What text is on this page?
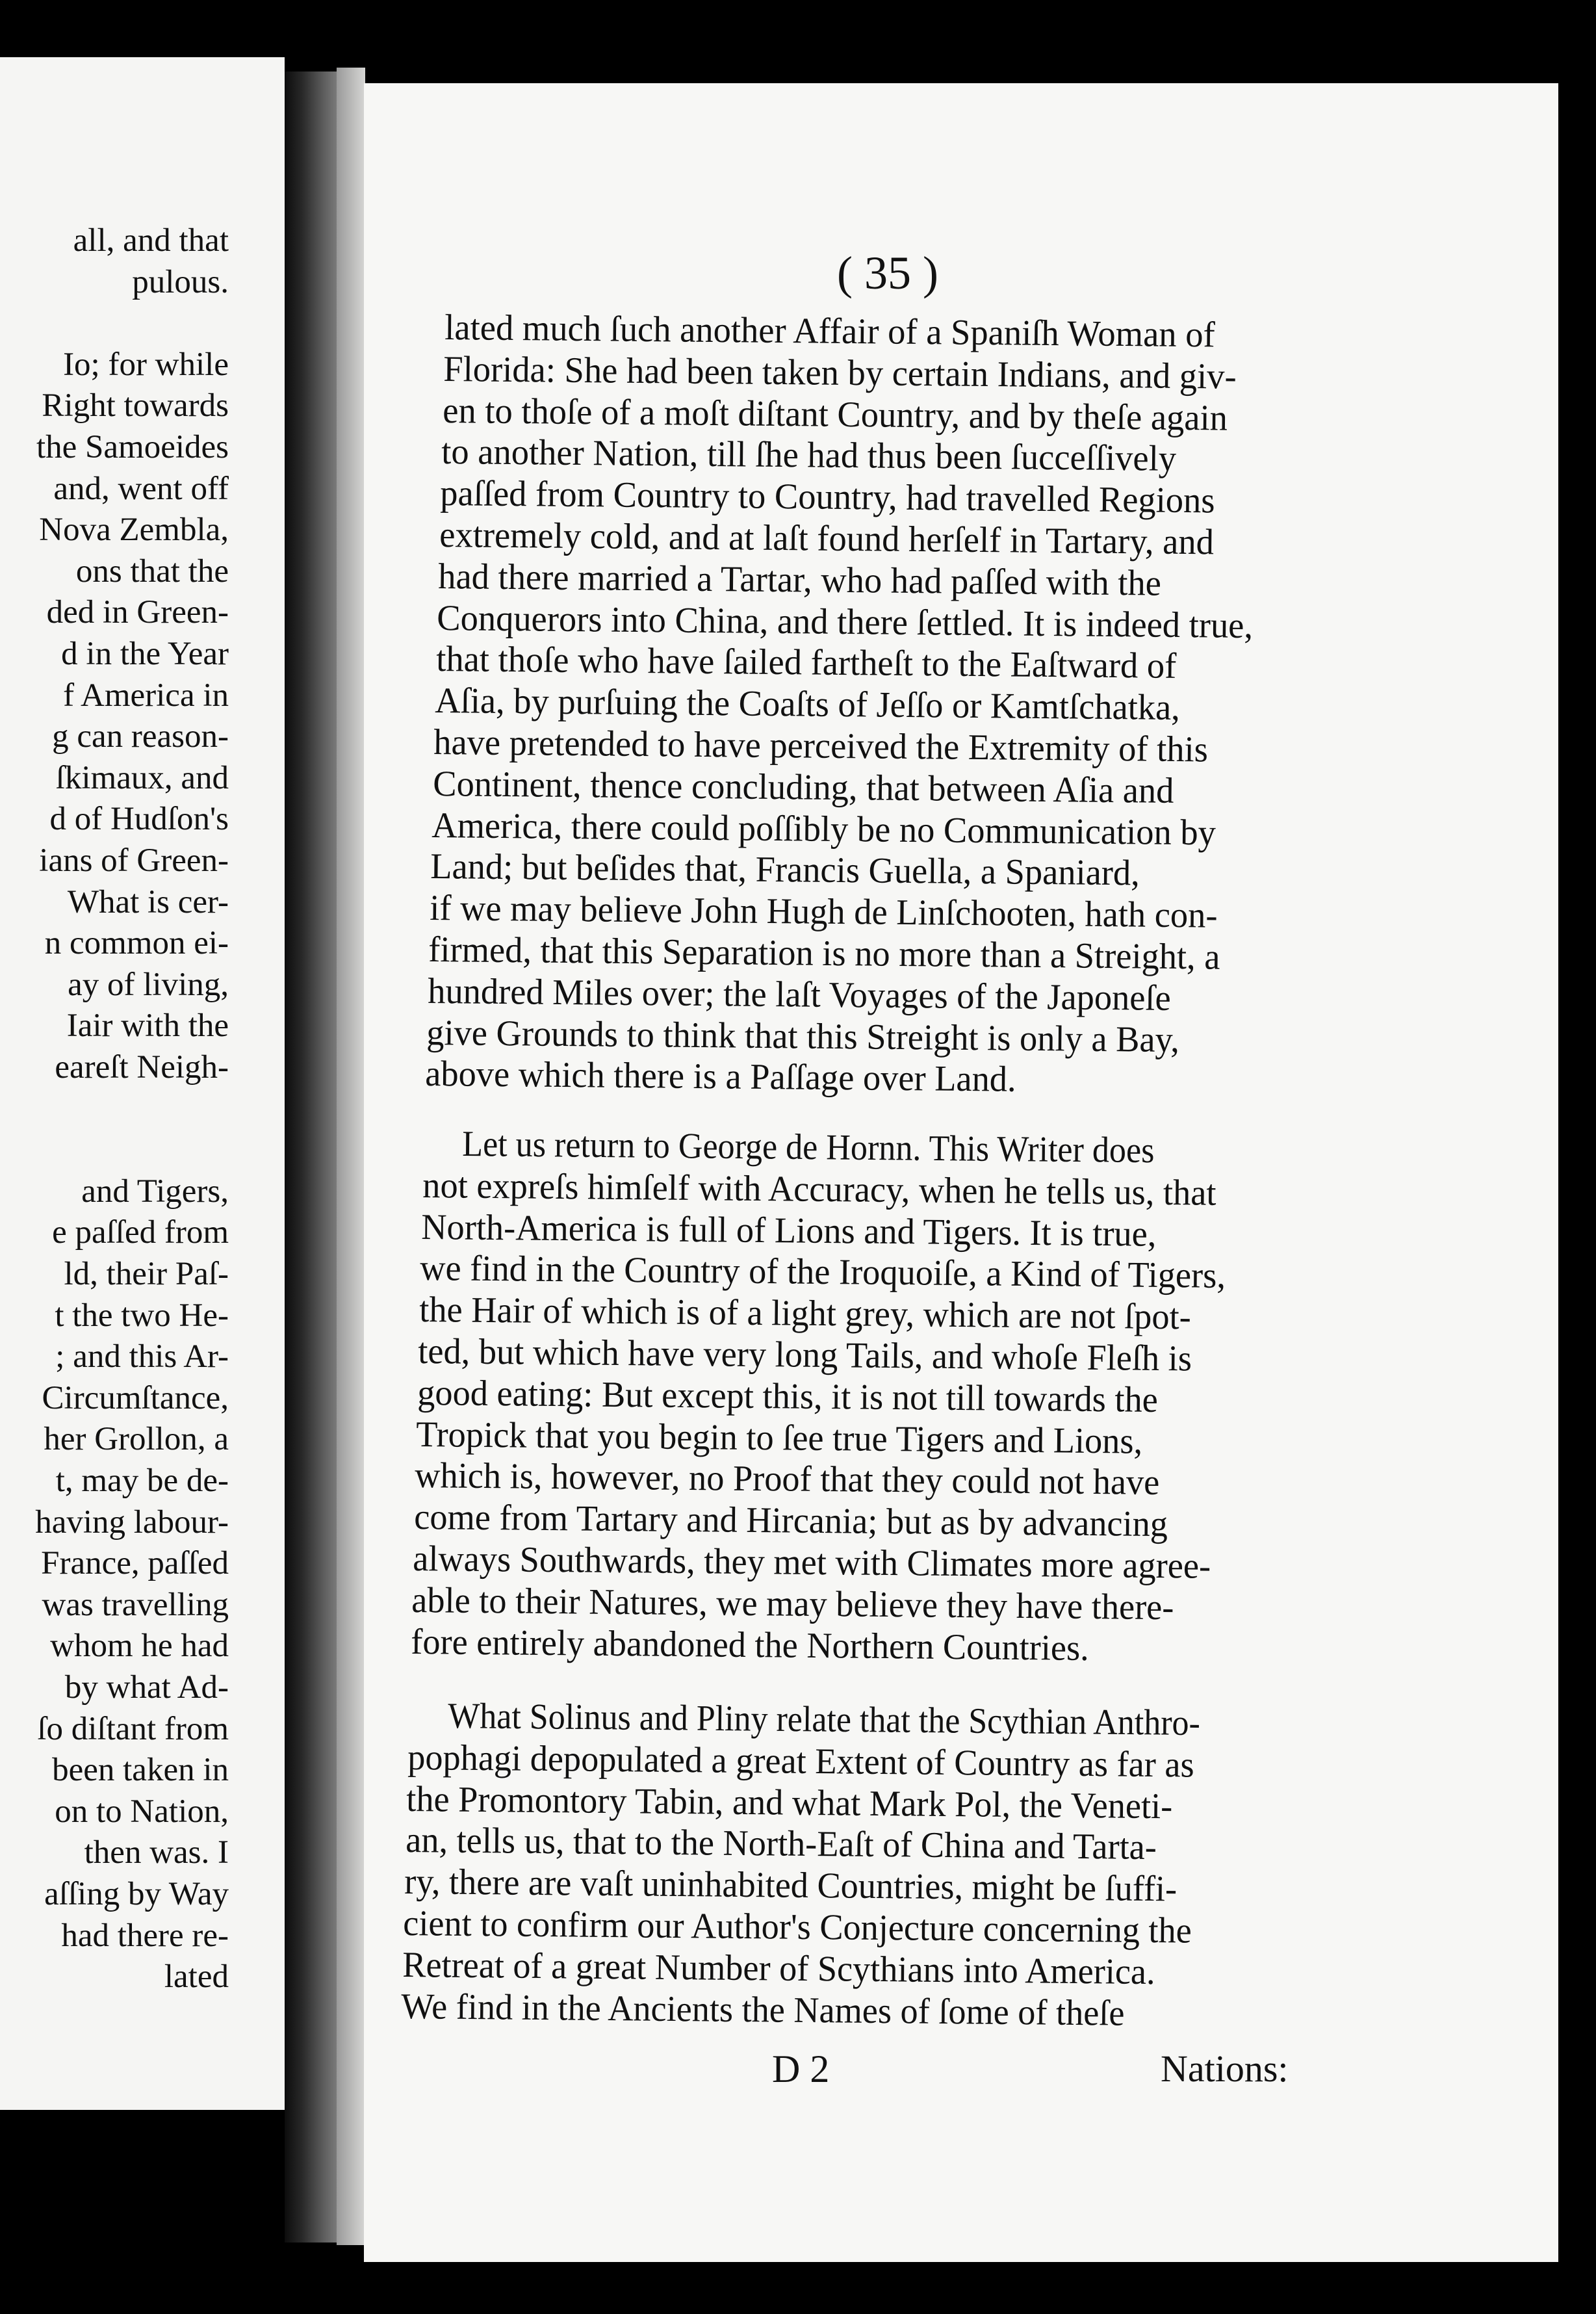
all, and that
pulous.
Io; for while
Right towards
the Samoeides
and, went off
Nova Zembla,
ons that the
ded in Green-
d in the Year
f America in
g can reason-
ſkimaux, and
d of Hudſon's
ians of Green-
What is cer-
n common ei-
ay of living,
Iair with the
eareſt Neigh-
and Tigers,
e paſſed from
ld, their Paſ-
t the two He-
; and this Ar-
Circumſtance,
her Grollon, a
t, may be de-
having labour-
France, paſſed
was travelling
whom he had
by what Ad-
ſo diſtant from
been taken in
on to Nation,
then was. I
aſſing by Way
had there re-
lated
( 35 )
lated much ſuch another Affair of a Spaniſh Woman of
Florida: She had been taken by certain Indians, and giv-
en to thoſe of a moſt diſtant Country, and by theſe again
to another Nation, till ſhe had thus been ſucceſſively
paſſed from Country to Country, had travelled Regions
extremely cold, and at laſt found herſelf in Tartary, and
had there married a Tartar, who had paſſed with the
Conquerors into China, and there ſettled. It is indeed true,
that thoſe who have ſailed fartheſt to the Eaſtward of
Aſia, by purſuing the Coaſts of Jeſſo or Kamtſchatka,
have pretended to have perceived the Extremity of this
Continent, thence concluding, that between Aſia and
America, there could poſſibly be no Communication by
Land; but beſides that, Francis Guella, a Spaniard,
if we may believe John Hugh de Linſchooten, hath con-
firmed, that this Separation is no more than a Streight, a
hundred Miles over; the laſt Voyages of the Japoneſe
give Grounds to think that this Streight is only a Bay,
above which there is a Paſſage over Land.
Let us return to George de Hornn. This Writer does
not expreſs himſelf with Accuracy, when he tells us, that
North-America is full of Lions and Tigers. It is true,
we find in the Country of the Iroquoiſe, a Kind of Tigers,
the Hair of which is of a light grey, which are not ſpot-
ted, but which have very long Tails, and whoſe Fleſh is
good eating: But except this, it is not till towards the
Tropick that you begin to ſee true Tigers and Lions,
which is, however, no Proof that they could not have
come from Tartary and Hircania; but as by advancing
always Southwards, they met with Climates more agree-
able to their Natures, we may believe they have there-
fore entirely abandoned the Northern Countries.
What Solinus and Pliny relate that the Scythian Anthro-
pophagi depopulated a great Extent of Country as far as
the Promontory Tabin, and what Mark Pol, the Veneti-
an, tells us, that to the North-Eaſt of China and Tarta-
ry, there are vaſt uninhabited Countries, might be ſuffi-
cient to confirm our Author's Conjecture concerning the
Retreat of a great Number of Scythians into America.
We find in the Ancients the Names of ſome of theſe
D 2	Nations:
